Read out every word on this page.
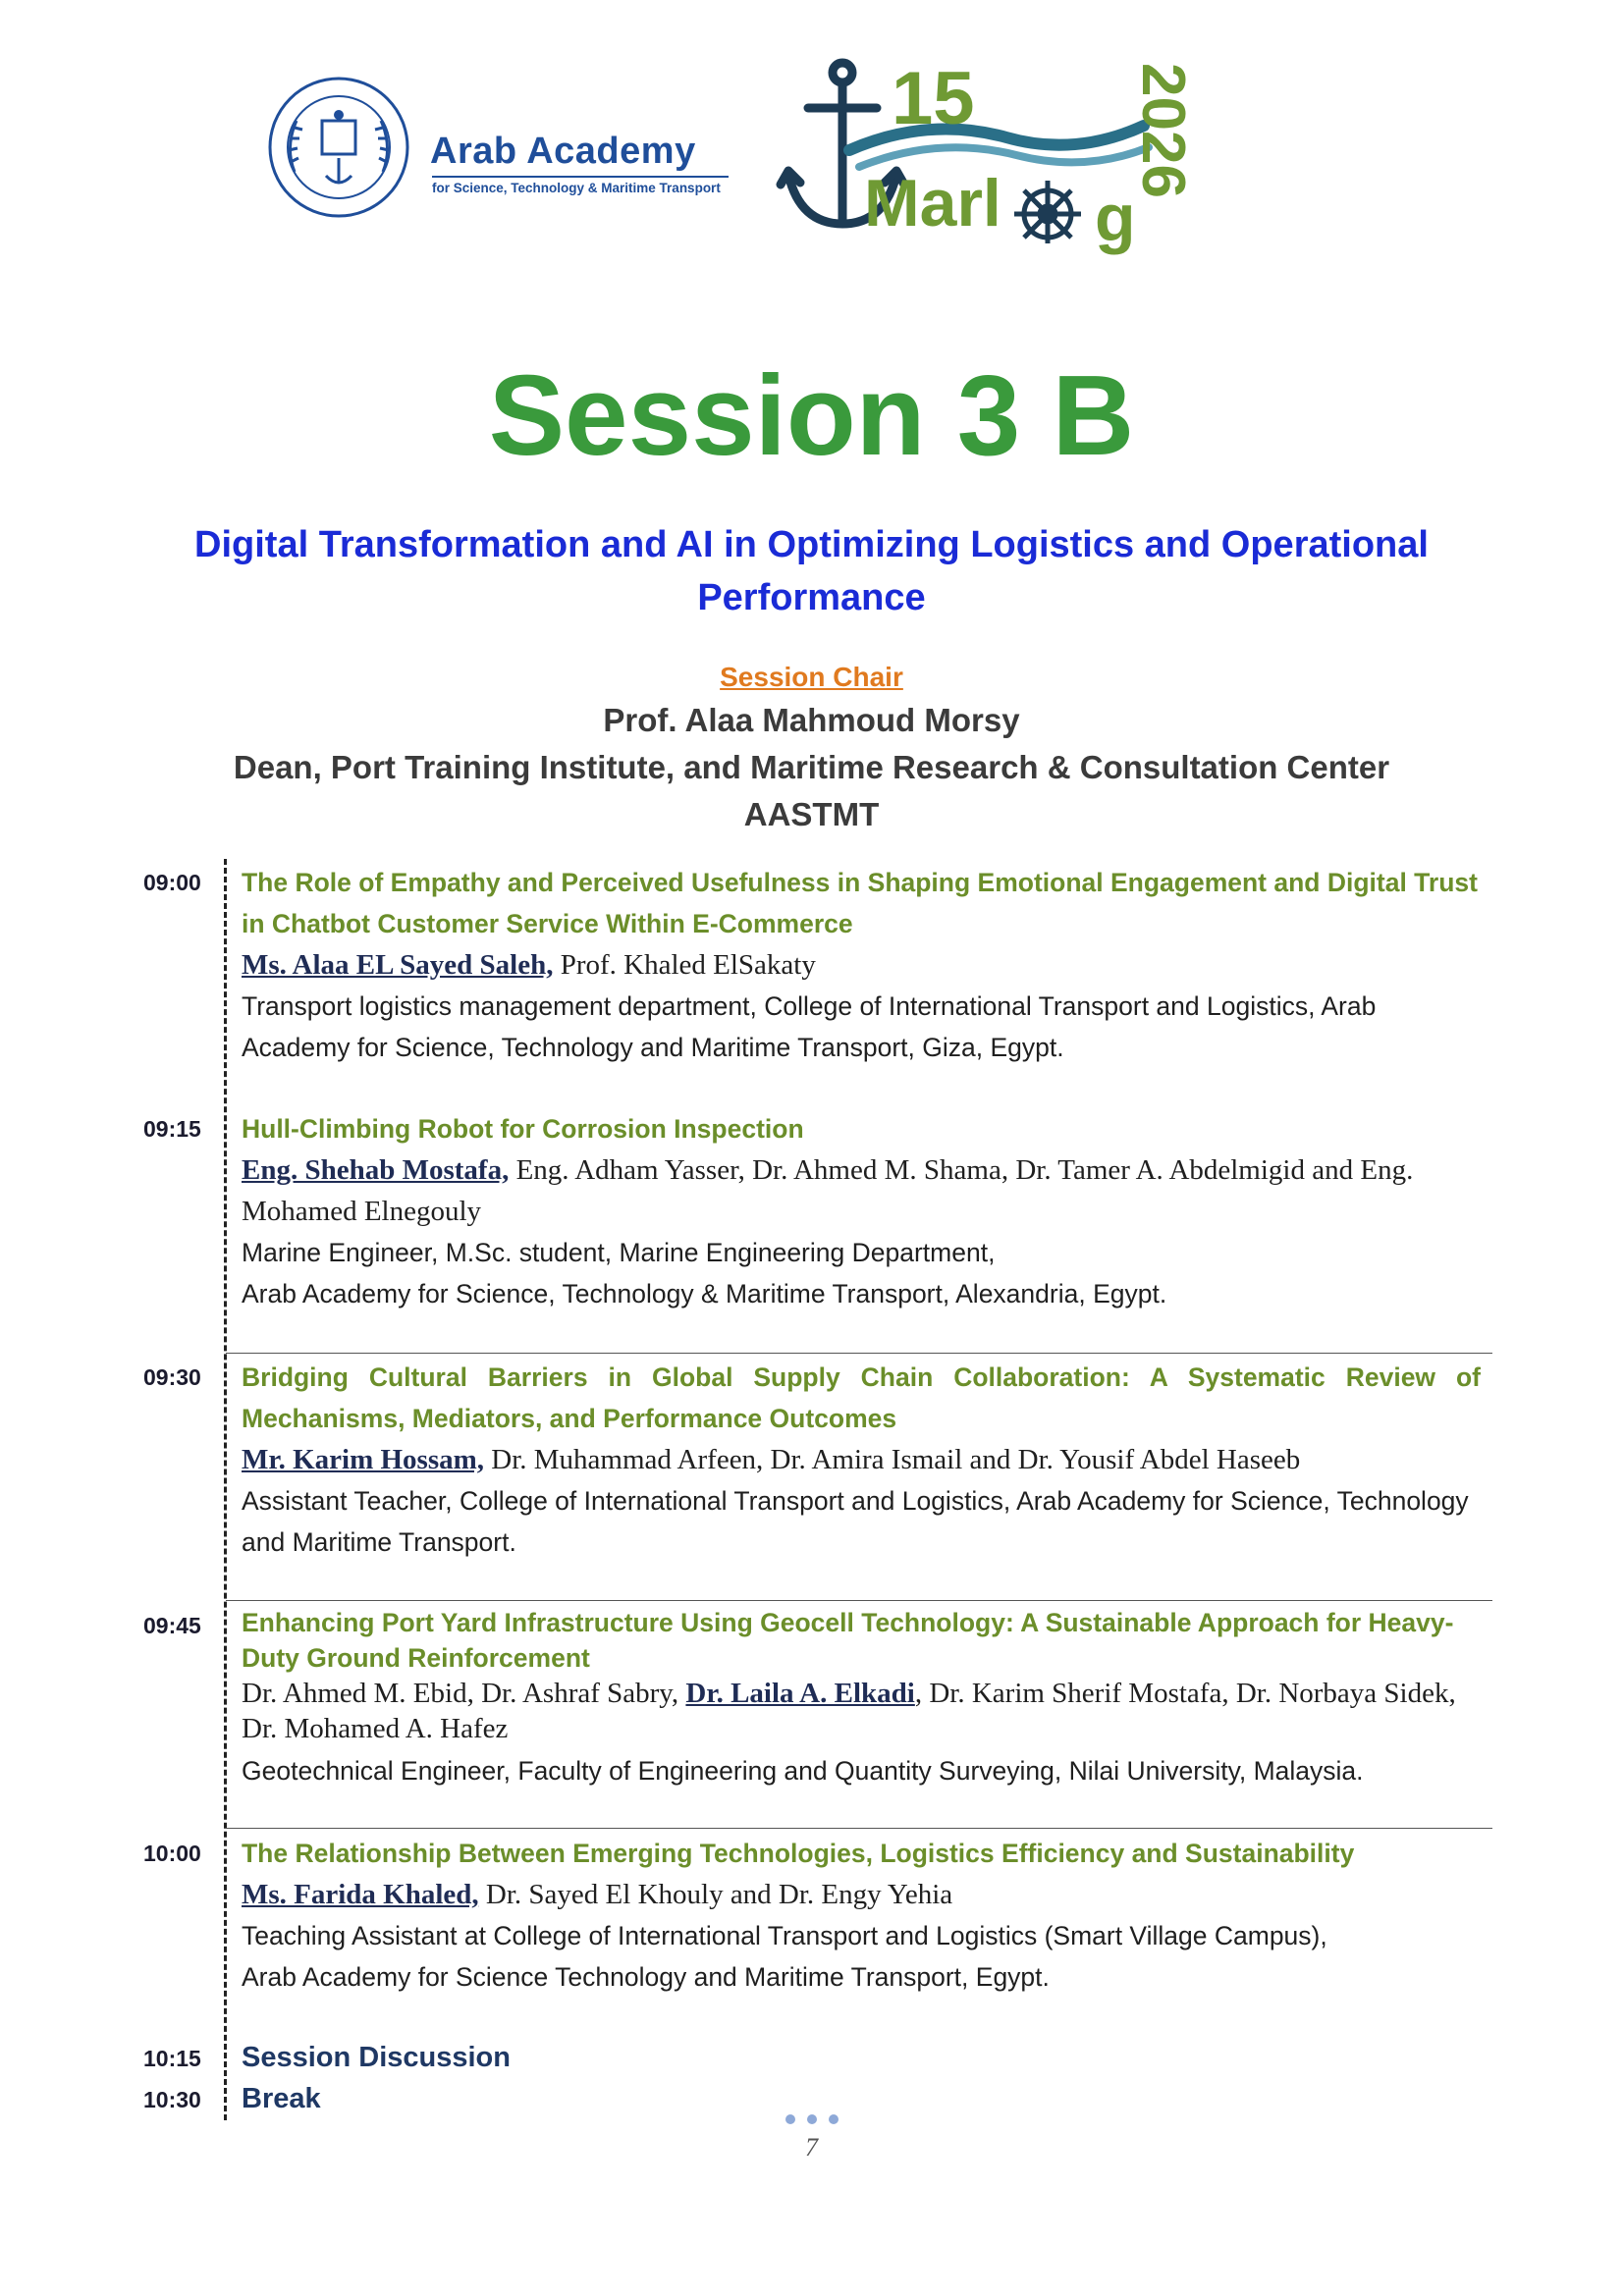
Arab Academy
for Science, Technology & Maritime Transport
15
Marl g
2026
Session 3 B
Digital Transformation and AI in Optimizing Logistics and Operational
Performance
Session Chair
Prof. Alaa Mahmoud Morsy
Dean, Port Training Institute, and Maritime Research & Consultation Center
AASTMT
09:00 The Role of Empathy and Perceived Usefulness in Shaping Emotional Engagement and Digital Trust in Chatbot Customer Service Within E-Commerce
Ms. Alaa EL Sayed Saleh, Prof. Khaled ElSakaty
Transport logistics management department, College of International Transport and Logistics, Arab Academy for Science, Technology and Maritime Transport, Giza, Egypt.
09:15 Hull-Climbing Robot for Corrosion Inspection
Eng. Shehab Mostafa, Eng. Adham Yasser, Dr. Ahmed M. Shama, Dr. Tamer A. Abdelmigid and Eng. Mohamed Elnegouly
Marine Engineer, M.Sc. student, Marine Engineering Department,
Arab Academy for Science, Technology & Maritime Transport, Alexandria, Egypt.
09:30 Bridging Cultural Barriers in Global Supply Chain Collaboration: A Systematic Review of Mechanisms, Mediators, and Performance Outcomes
Mr. Karim Hossam, Dr. Muhammad Arfeen, Dr. Amira Ismail and Dr. Yousif Abdel Haseeb
Assistant Teacher, College of International Transport and Logistics, Arab Academy for Science, Technology and Maritime Transport.
09:45 Enhancing Port Yard Infrastructure Using Geocell Technology: A Sustainable Approach for Heavy-Duty Ground Reinforcement
Dr. Ahmed M. Ebid, Dr. Ashraf Sabry, Dr. Laila A. Elkadi, Dr. Karim Sherif Mostafa, Dr. Norbaya Sidek, Dr. Mohamed A. Hafez
Geotechnical Engineer, Faculty of Engineering and Quantity Surveying, Nilai University, Malaysia.
10:00 The Relationship Between Emerging Technologies, Logistics Efficiency and Sustainability
Ms. Farida Khaled, Dr. Sayed El Khouly and Dr. Engy Yehia
Teaching Assistant at College of International Transport and Logistics (Smart Village Campus),
Arab Academy for Science Technology and Maritime Transport, Egypt.
10:15 Session Discussion
10:30 Break
7
